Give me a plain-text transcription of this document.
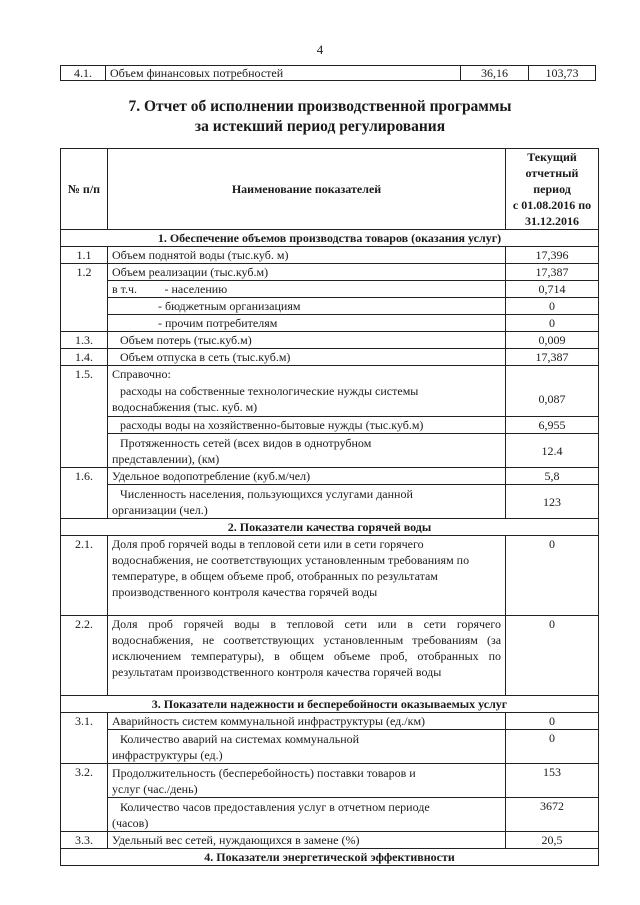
4
4.1.	Объем финансовых потребностей	36,16	103,73
7. Отчет об исполнении производственной программы
за истекший период регулирования
№ п/п	Наименование показателей		Текущий
отчетный период
с 01.08.2016 по
31.12.2016

1. Обеспечение объемов производства товаров (оказания услуг)			
1.1	Объем поднятой воды (тыс.куб. м)		17,396
1.2	Объем реализации (тыс.куб.м)		17,387
	в т.ч.	- населению	0,714
	- бюджетным организациям		0
	- прочим потребителям		0
1.3.	Объем потерь (тыс.куб.м)		0,009
1.4.	Объем отпуска в сеть (тыс.куб.м)		17,387
1.5.	Справочно:		

	расходы на собственные технологические нужды системы
водоснабжения (тыс. куб. м)		0,087
	расходы воды на хозяйственно-бытовые нужды (тыс.куб.м)		6,955

	Протяженность сетей (всех видов в однотрубном
представлении), (км)		12.4
1.6.	Удельное водопотребление (куб.м/чел)		5,8

	Численность населения, пользующихся услугами данной
организации (чел.)		123
2. Показатели качества горячей воды			
2.1.	Доля проб горячей воды в тепловой сети или в сети горячего водоснабжения, не соответствующих установленным требованиям по температуре, в общем объеме проб, отобранных по результатам производственного контроля качества горячей воды		0
2.2.	Доля проб горячей воды в тепловой сети или в сети горячего водоснабжения, не соответствующих установленным требованиям (за исключением температуры), в общем объеме проб, отобранных по результатам производственного контроля качества горячей воды		0
3. Показатели надежности и бесперебойности оказываемых услуг			
3.1.	Аварийность систем коммунальной инфраструктуры (ед./км)		0

	Количество аварий на системах коммунальной
инфраструктуры (ед.)		0
3.2.	Продолжительность (бесперебойность) поставки товаров и
услуг (час./день)		153

	Количество часов предоставления услуг в отчетном периоде
(часов)		3672
3.3.	Удельный вес сетей, нуждающихся в замене (%)		20,5
4. Показатели энергетической эффективности			
